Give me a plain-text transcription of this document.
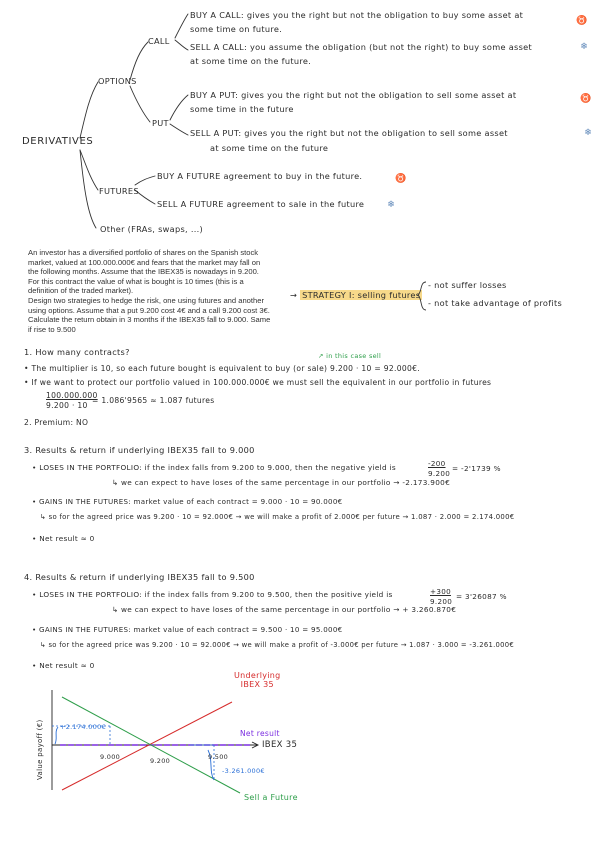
DERIVATIVES
OPTIONS
CALL
PUT
FUTURES
Other (FRAs, swaps, ...)
BUY A CALL: gives you the right but not the obligation to buy some asset at
some time on future.
♉
SELL A CALL: you assume the obligation (but not the right) to buy some asset
at some time on the future.
❄
BUY A PUT: gives you the right but not the obligation to sell some asset at
some time in the future
♉
SELL A PUT: gives you the right but not the obligation to sell some asset
at some time on the future
❄
BUY A FUTURE agreement to buy in the future.	♉
SELL A FUTURE agreement to sale in the future	❄
An investor has a diversified portfolio of shares on the Spanish stock
market, valued at 100.000.000€ and fears that the market may fall on
the following months. Assume that the IBEX35 is nowadays in 9.200.
For this contract the value of what is bought is 10 times (this is a
definition of the traded market).
Design two strategies to hedge the risk, one using futures and another
using options. Assume that a put 9.200 cost 4€ and a call 9.200 cost 3€.
Calculate the return obtain in 3 months if the IBEX35 fall to 9.000. Same
if rise to 9.500
→ STRATEGY I: selling futures
- not suffer losses
- not take advantage of profits
1. How many contracts?	↗ in this case sell
• The multiplier is 10, so each future bought is equivalent to buy (or sale) 9.200 · 10 = 92.000€.
• If we want to protect our portfolio valued in 100.000.000€ we must sell the equivalent in our portfolio in futures
100.000.000
9.200 · 10
= 1.086'9565 ≈ 1.087 futures
2. Premium: NO
3. Results & return if underlying IBEX35 fall to 9.000
• LOSES IN THE PORTFOLIO: if the index falls from 9.200 to 9.000, then the negative yield is	-200
9.200
= -2'1739 %
↳ we can expect to have loses of the same percentage in our portfolio → -2.173.900€
• GAINS IN THE FUTURES: market value of each contract = 9.000 · 10 = 90.000€
↳ so for the agreed price was 9.200 · 10 = 92.000€ → we will make a profit of 2.000€ per future → 1.087 · 2.000 = 2.174.000€
• Net result ≈ 0
4. Results & return if underlying IBEX35 fall to 9.500
• LOSES IN THE PORTFOLIO: if the index falls from 9.200 to 9.500, then the positive yield is	+300
9.200
= 3'26087 %
↳ we can expect to have loses of the same percentage in our portfolio → + 3.260.870€
• GAINS IN THE FUTURES: market value of each contract = 9.500 · 10 = 95.000€
↳ so for the agreed price was 9.200 · 10 = 92.000€ → we will make a profit of -3.000€ per future → 1.087 · 3.000 = -3.261.000€
• Net result ≈ 0
Value payoff (€)	IBEX 35
Underlying
IBEX 35
Net result
Sell a Future
9.000	9.200	9.500
+2.174.000€
-3.261.000€
